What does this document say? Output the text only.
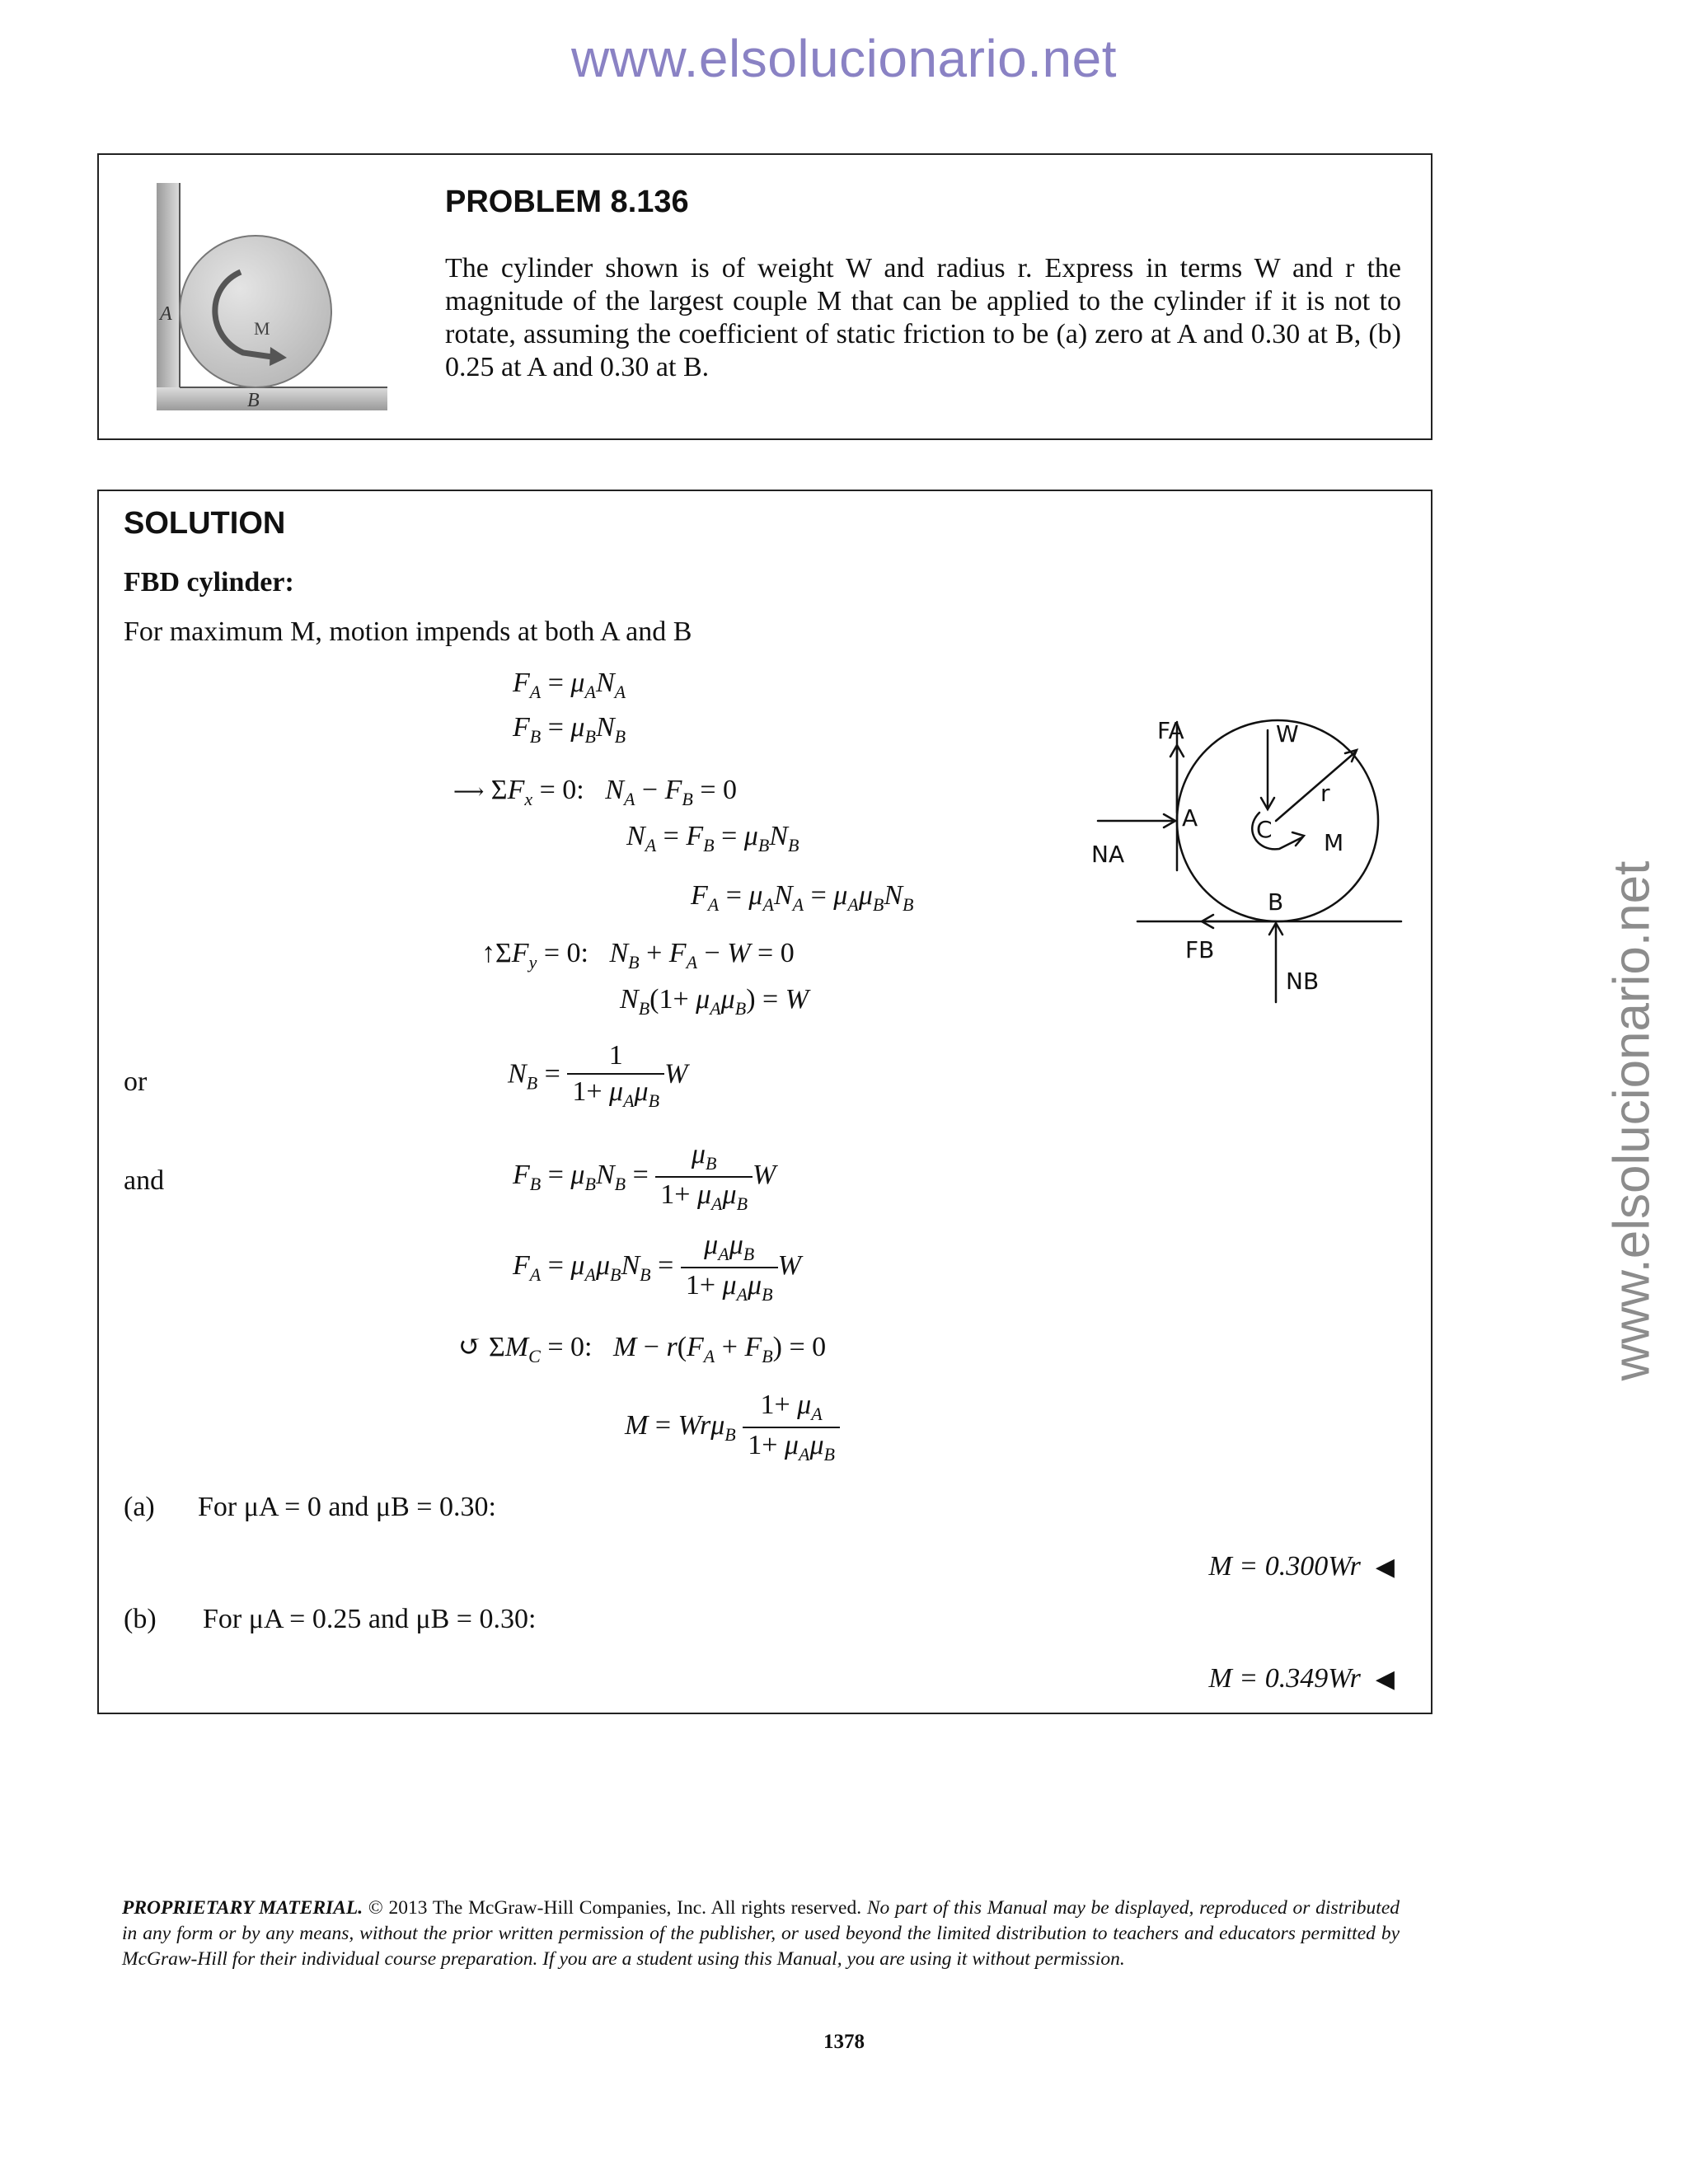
www.elsolucionario.net
www.elsolucionario.net
A
M
B
PROBLEM 8.136
The cylinder shown is of weight W and radius r. Express in terms W and r the magnitude of the largest couple M that can be applied to the cylinder if it is not to rotate, assuming the coefficient of static friction to be (a) zero at A and 0.30 at B, (b) 0.25 at A and 0.30 at B.
SOLUTION
FBD cylinder:
For maximum M, motion impends at both A and B
$F_A = \mu_AN_A$
$F_B = \mu_BN_B$
⟶ $\Sigma F_x = 0$:   $N_A - F_B = 0$
$N_A = F_B = \mu_BN_B$
$F_A = \mu_AN_A = \mu_A\mu_BN_B$
$↑\Sigma F_y = 0$:   $N_B + F_A - W = 0$
$N_B(1+ \mu_A\mu_B) = W$
or	$N_B = \frac{1}{1+ \mu_A\mu_B}$ W
and	$F_B = \mu_BN_B = \frac{\mu_B}{1+ \mu_A\mu_B}$ W
$F_A = \mu_A\mu_BN_B = \frac{\mu_A\mu_B}{1+ \mu_A\mu_B}$ W
↺ $\Sigma M_C = 0$:   $M - r(F_A + F_B) = 0$
$M = Wr\mu_B \frac{1+ \mu_A}{1+ \mu_A\mu_B}$
(a) For μA = 0 and μB = 0.30:
M = 0.300Wr ◀
(b) For μA = 0.25 and μB = 0.30:
M = 0.349Wr ◀
FA
NA
W
r
A	C M
B
FB
NB
PROPRIETARY MATERIAL. © 2013 The McGraw-Hill Companies, Inc. All rights reserved. No part of this Manual may be displayed, reproduced or distributed in any form or by any means, without the prior written permission of the publisher, or used beyond the limited distribution to teachers and educators permitted by McGraw-Hill for their individual course preparation. If you are a student using this Manual, you are using it without permission.
1378
